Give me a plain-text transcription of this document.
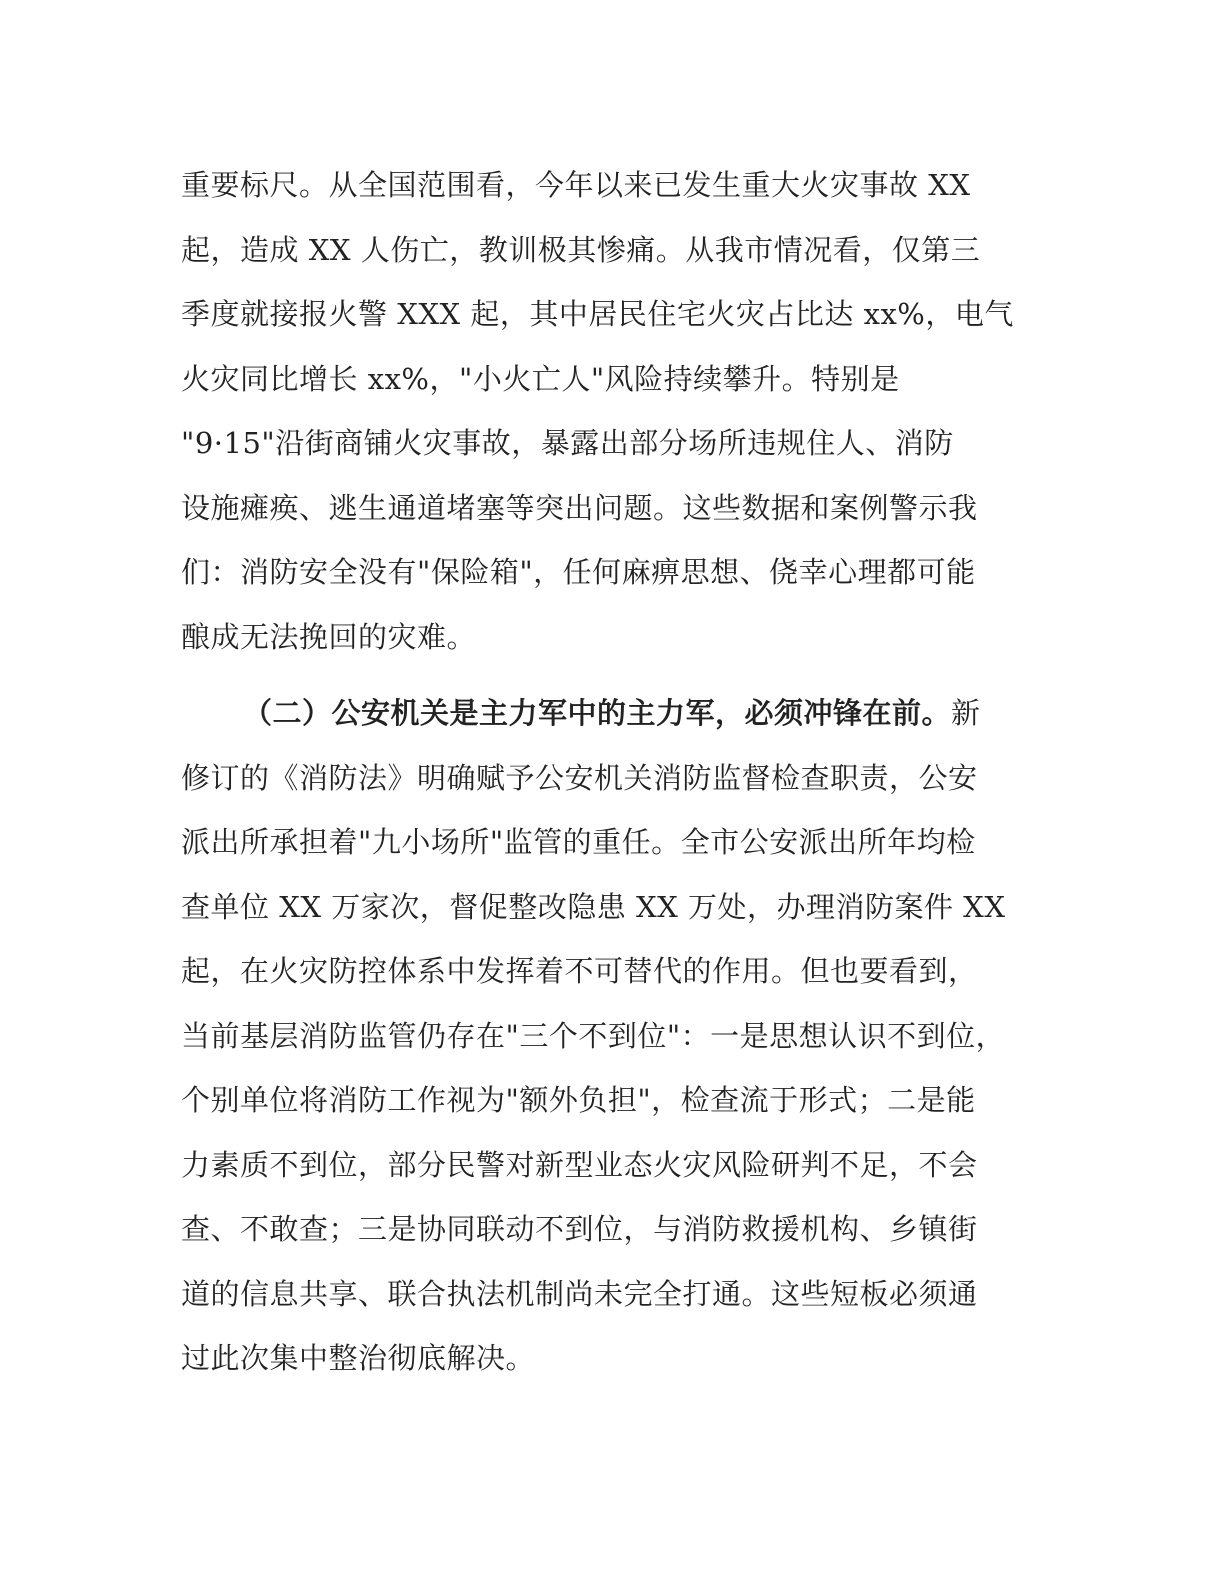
重要标尺。从全国范围看，今年以来已发生重大火灾事故 XX
起，造成 XX 人伤亡，教训极其惨痛。从我市情况看，仅第三
季度就接报火警 XXX 起，其中居民住宅火灾占比达 xx%，电气
火灾同比增长 xx%，"小火亡人"风险持续攀升。特别是
"9·15"沿街商铺火灾事故，暴露出部分场所违规住人、消防
设施瘫痪、逃生通道堵塞等突出问题。这些数据和案例警示我
们：消防安全没有"保险箱"，任何麻痹思想、侥幸心理都可能
酿成无法挽回的灾难。
（二）公安机关是主力军中的主力军，必须冲锋在前。新
修订的《消防法》明确赋予公安机关消防监督检查职责，公安
派出所承担着"九小场所"监管的重任。全市公安派出所年均检
查单位 XX 万家次，督促整改隐患 XX 万处，办理消防案件 XX
起，在火灾防控体系中发挥着不可替代的作用。但也要看到，
当前基层消防监管仍存在"三个不到位"：一是思想认识不到位，
个别单位将消防工作视为"额外负担"，检查流于形式；二是能
力素质不到位，部分民警对新型业态火灾风险研判不足，不会
查、不敢查；三是协同联动不到位，与消防救援机构、乡镇街
道的信息共享、联合执法机制尚未完全打通。这些短板必须通
过此次集中整治彻底解决。
